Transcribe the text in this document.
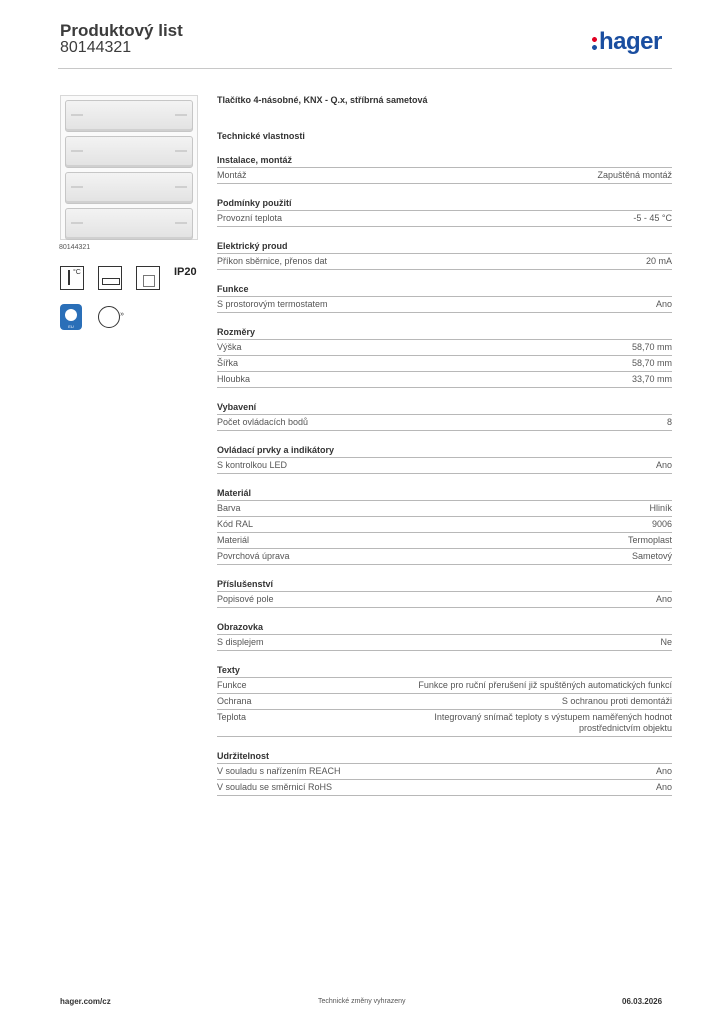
Produktový list
80144321	hager
80144321
°C	IP20
EU
»
Tlačítko 4-násobné, KNX - Q.x, stříbrná sametová
Technické vlastnosti
Instalace, montáž
Montáž	Zapuštěná montáž
Podmínky použití
Provozní teplota	-5 - 45 °C
Elektrický proud
Příkon sběrnice, přenos dat	20 mA
Funkce
S prostorovým termostatem	Ano
Rozměry
Výška	58,70 mm
Šířka	58,70 mm
Hloubka	33,70 mm
Vybavení
Počet ovládacích bodů	8
Ovládací prvky a indikátory
S kontrolkou LED	Ano
Materiál
Barva	Hliník
Kód RAL	9006
Materiál	Termoplast
Povrchová úprava	Sametový
Příslušenství
Popisové pole	Ano
Obrazovka
S displejem	Ne
Texty
Funkce	Funkce pro ruční přerušení již spuštěných automatických funkcí
Ochrana	S ochranou proti demontáži
Teplota	Integrovaný snímač teploty s výstupem naměřených hodnot prostřednictvím objektu
Udržitelnost
V souladu s nařízením REACH	Ano
V souladu se směrnicí RoHS	Ano
hager.com/cz	Technické změny vyhrazeny	06.03.2026
